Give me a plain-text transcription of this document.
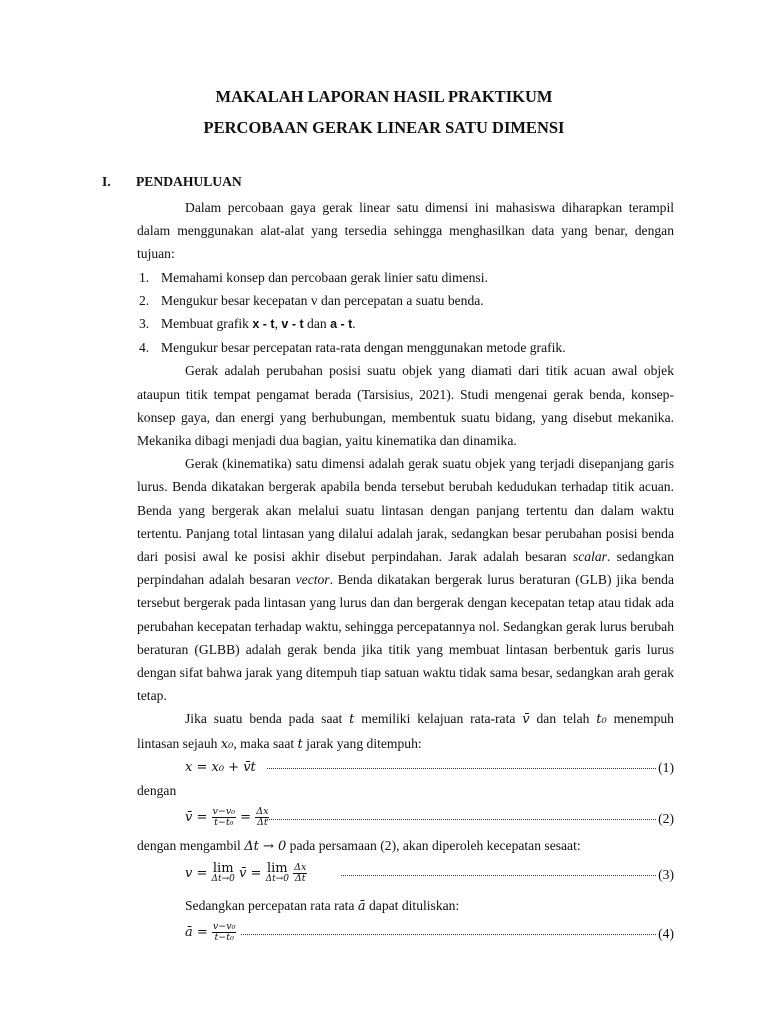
MAKALAH LAPORAN HASIL PRAKTIKUM
PERCOBAAN GERAK LINEAR SATU DIMENSI
I. PENDAHULUAN

Dalam percobaan gaya gerak linear satu dimensi ini mahasiswa diharapkan terampil dalam menggunakan alat-alat yang tersedia sehingga menghasilkan data yang benar, dengan tujuan:

1. Memahami konsep dan percobaan gerak linier satu dimensi.
2. Mengukur besar kecepatan v dan percepatan a suatu benda.
3. Membuat grafik x - t, v - t dan a - t.
4. Mengukur besar percepatan rata-rata dengan menggunakan metode grafik.

Gerak adalah perubahan posisi suatu objek yang diamati dari titik acuan awal objek ataupun titik tempat pengamat berada (Tarsisius, 2021). Studi mengenai gerak benda, konsep-konsep gaya, dan energi yang berhubungan, membentuk suatu bidang, yang disebut mekanika. Mekanika dibagi menjadi dua bagian, yaitu kinematika dan dinamika.

Gerak (kinematika) satu dimensi adalah gerak suatu objek yang terjadi disepanjang garis lurus. Benda dikatakan bergerak apabila benda tersebut berubah kedudukan terhadap titik acuan. Benda yang bergerak akan melalui suatu lintasan dengan panjang tertentu dan dalam waktu tertentu. Panjang total lintasan yang dilalui adalah jarak, sedangkan besar perubahan posisi benda dari posisi awal ke posisi akhir disebut perpindahan. Jarak adalah besaran scalar. sedangkan perpindahan adalah besaran vector. Benda dikatakan bergerak lurus beraturan (GLB) jika benda tersebut bergerak pada lintasan yang lurus dan dan bergerak dengan kecepatan tetap atau tidak ada perubahan kecepatan terhadap waktu, sehingga percepatannya nol. Sedangkan gerak lurus berubah beraturan (GLBB) adalah gerak benda jika titik yang membuat lintasan berbentuk garis lurus dengan sifat bahwa jarak yang ditempuh tiap satuan waktu tidak sama besar, sedangkan arah gerak tetap.

Jika suatu benda pada saat t memiliki kelajuan rata-rata v̄ dan telah t₀ menempuh lintasan sejauh x₀, maka saat t jarak yang ditempuh:

x = x₀ + v̄t	(1)

dengan

v̄ = $\frac{\text{v−v₀}}{\text{t−t₀}} = \frac{\Delta x}{\Delta t}$	(2)

dengan mengambil Δt → 0 pada persamaan (2), akan diperoleh kecepatan sesaat:

v = lim
Δt→0 v̄ = lim
Δt→0
$\frac{\Delta x}{\Delta t}$	(3)

Sedangkan percepatan rata rata ā dapat dituliskan:

ā = $\frac{\text{v−v₀}}{\text{t−t₀}}$	(4)
